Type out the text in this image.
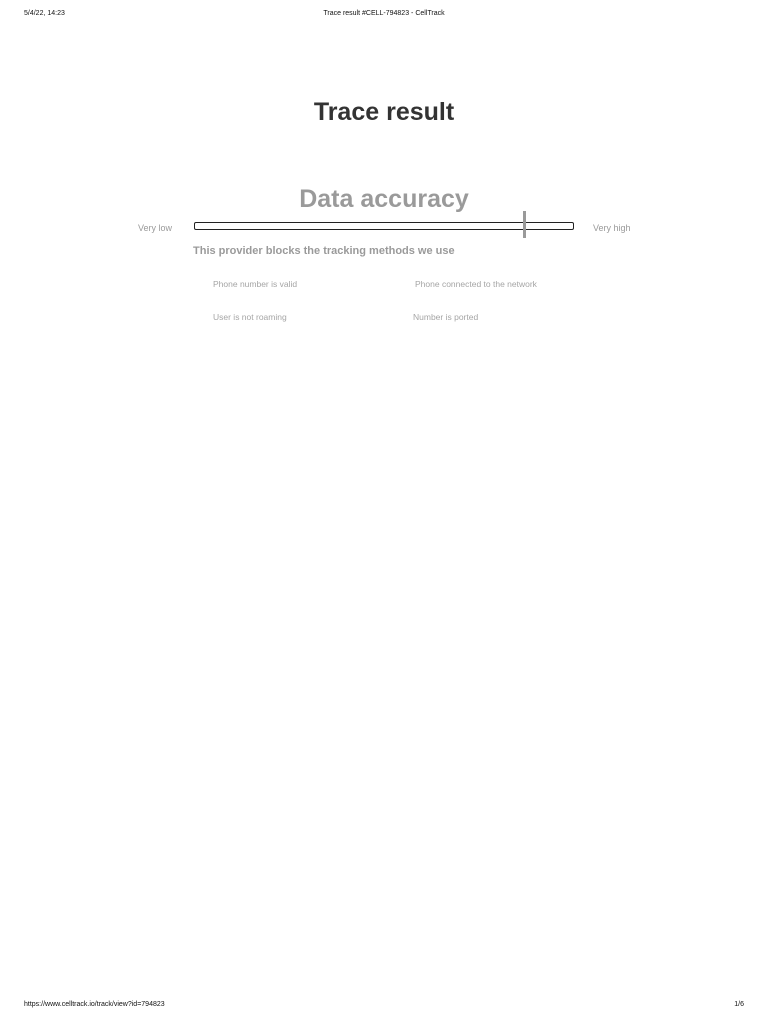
5/4/22, 14:23	Trace result #CELL-794823 - CellTrack
Trace result
Data accuracy
Very low	Very high
This provider blocks the tracking methods we use
Phone number is valid	Phone connected to the network
User is not roaming	Number is ported
https://www.celltrack.io/track/view?id=794823	1/6
